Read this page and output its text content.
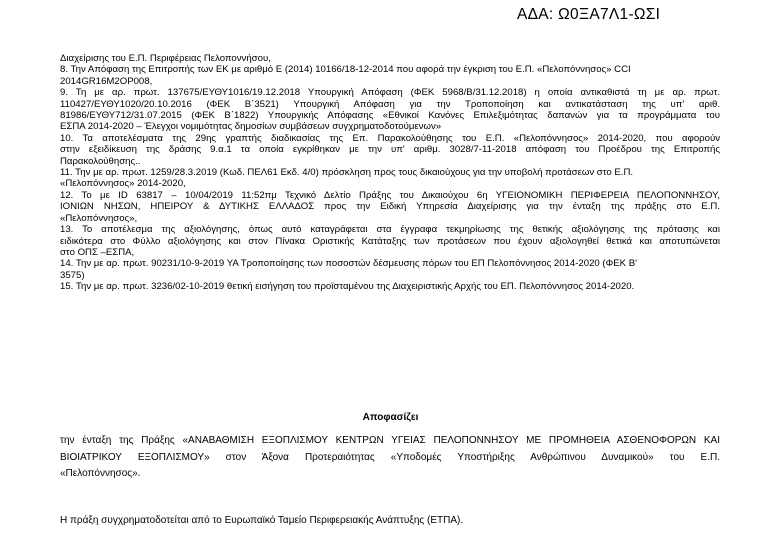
ΑΔΑ: Ω0ΞΑ7Λ1-ΩΣΙ

Διαχείρισης του Ε.Π. Περιφέρειας Πελοποννήσου,

8. Την Απόφαση της Επιτροπής των ΕΚ με αριθμό Ε (2014) 10166/18-12-2014 που αφορά την έγκριση του Ε.Π. «Πελοπόννησος» CCI

2014GR16M2OP008,

9. Τη με αρ. πρωτ. 137675/ΕΥΘΥ1016/19.12.2018 Υπουργική Απόφαση (ΦΕΚ 5968/Β/31.12.2018) η οποία αντικαθιστά τη με αρ. πρωτ.

110427/ΕΥΘΥ1020/20.10.2016 (ΦΕΚ Β΄3521) Υπουργική Απόφαση για την Τροποποίηση και αντικατάσταση της υπ' αριθ.

81986/ΕΥΘΥ712/31.07.2015 (ΦΕΚ Β΄1822) Υπουργικής Απόφασης «Εθνικοί Κανόνες Επιλεξιμότητας δαπανών για τα προγράμματα του

ΕΣΠΑ 2014-2020 – Έλεγχοι νομιμότητας δημοσίων συμβάσεων συγχρηματοδοτούμενων»

10. Τα αποτελέσματα της 29ης γραπτής διαδικασίας της Επ. Παρακολούθησης του Ε.Π. «Πελοπόννησος» 2014-2020, που αφορούν

στην εξειδίκευση της δράσης 9.α.1 τα οποία εγκρίθηκαν με την υπ' αριθμ. 3028/7-11-2018 απόφαση του Προέδρου της Επιτροπής

Παρακολούθησης..

11. Την με αρ. πρωτ. 1259/28.3.2019 (Κωδ. ΠΕΛ61 Εκδ. 4/0) πρόσκληση προς τους δικαιούχους για την υποβολή προτάσεων στο Ε.Π.

«Πελοπόννησος» 2014-2020,

12. Το με ID 63817 – 10/04/2019 11:52πμ Τεχνικό Δελτίο Πράξης του Δικαιούχου 6η ΥΓΕΙΟΝΟΜΙΚΗ ΠΕΡΙΦΕΡΕΙΑ ΠΕΛΟΠΟΝΝΗΣΟΥ,

ΙΟΝΙΩΝ ΝΗΣΩΝ, ΗΠΕΙΡΟΥ & ΔΥΤΙΚΗΣ ΕΛΛΑΔΟΣ προς την Ειδική Υπηρεσία Διαχείρισης για την ένταξη της πράξης στο Ε.Π.

«Πελοπόννησος»,

13. Το αποτέλεσμα της αξιολόγησης, όπως αυτό καταγράφεται στα έγγραφα τεκμηρίωσης της θετικής αξιολόγησης της πρότασης και

ειδικότερα στο Φύλλο αξιολόγησης και στον Πίνακα Οριστικής Κατάταξης των προτάσεων που έχουν αξιολογηθεί θετικά και αποτυπώνεται

στο ΟΠΣ –ΕΣΠΑ,

14. Την με αρ. πρωτ. 90231/10-9-2019 ΥΑ Τροποποίησης των ποσοστών δέσμευσης πόρων του ΕΠ Πελοπόννησος 2014-2020 (ΦΕΚ Β'

3575)

15. Την με αρ. πρωτ. 3236/02-10-2019 θετική εισήγηση του προϊσταμένου της Διαχειριστικής Αρχής του ΕΠ. Πελοπόννησος 2014-2020.

Αποφασίζει

την ένταξη της Πράξης «ΑΝΑΒΑΘΜΙΣΗ ΕΞΟΠΛΙΣΜΟΥ ΚΕΝΤΡΩΝ ΥΓΕΙΑΣ ΠΕΛΟΠΟΝΝΗΣΟΥ ΜΕ ΠΡΟΜΗΘΕΙΑ ΑΣΘΕΝΟΦΟΡΩΝ ΚΑΙ

ΒΙΟΙΑΤΡΙΚΟΥ ΕΞΟΠΛΙΣΜΟΥ» στον Άξονα Προτεραιότητας «Υποδομές Υποστήριξης Ανθρώπινου Δυναμικού» του Ε.Π.

«Πελοπόννησος».

Η πράξη συγχρηματοδοτείται από το Ευρωπαϊκό Ταμείο Περιφερειακής Ανάπτυξης (ΕΤΠΑ).
